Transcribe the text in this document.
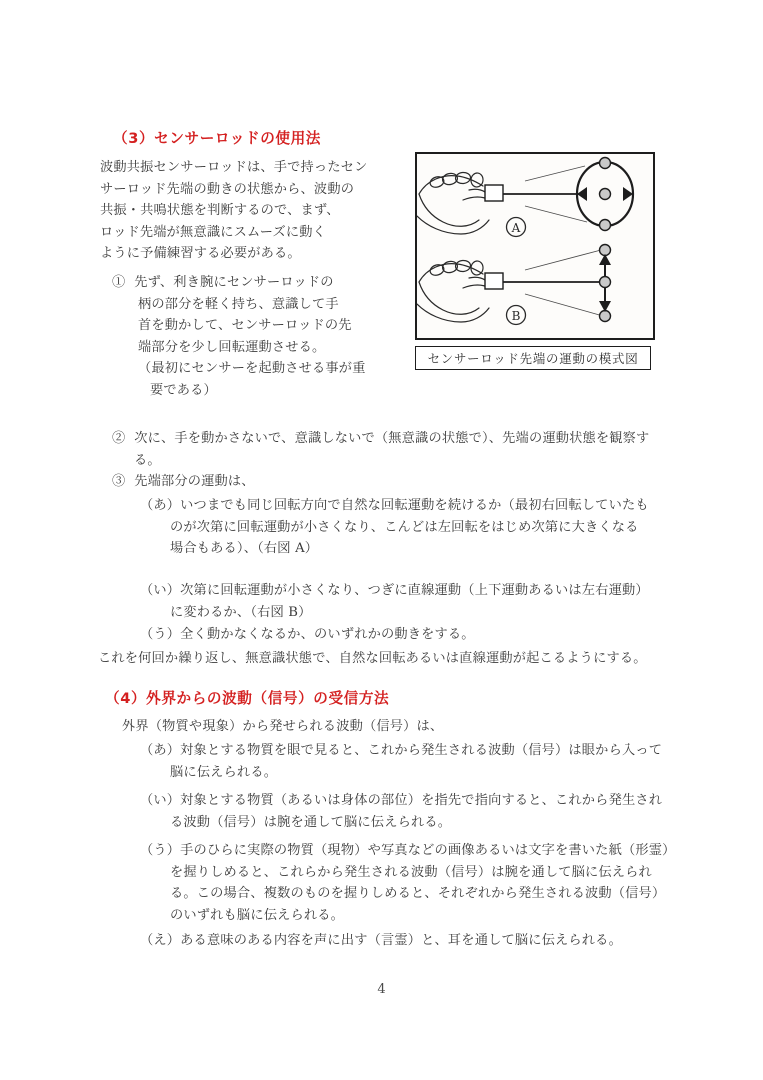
（3）センサーロッドの使用法
波動共振センサーロッドは、手で持ったセン
サーロッド先端の動きの状態から、波動の
共振・共鳴状態を判断するので、まず、
ロッド先端が無意識にスムーズに動く
ように予備練習する必要がある。
① 先ず、利き腕にセンサーロッドの
柄の部分を軽く持ち、意識して手
首を動かして、センサーロッドの先
端部分を少し回転運動させる。
（最初にセンサーを起動させる事が重
要である）
② 次に、手を動かさないで、意識しないで（無意識の状態で）、先端の運動状態を観察す
る。
③ 先端部分の運動は、
（あ）いつまでも同じ回転方向で自然な回転運動を続けるか（最初右回転していたも
のが次第に回転運動が小さくなり、こんどは左回転をはじめ次第に大きくなる
場合もある）、（右図 A）
（い）次第に回転運動が小さくなり、つぎに直線運動（上下運動あるいは左右運動）
に変わるか、（右図 B）
（う）全く動かなくなるか、のいずれかの動きをする。
これを何回か繰り返し、無意識状態で、自然な回転あるいは直線運動が起こるようにする。
A
B
センサーロッド先端の運動の模式図
（4）外界からの波動（信号）の受信方法
外界（物質や現象）から発せられる波動（信号）は、
（あ）対象とする物質を眼で見ると、これから発生される波動（信号）は眼から入って
脳に伝えられる。
（い）対象とする物質（あるいは身体の部位）を指先で指向すると、これから発生され
る波動（信号）は腕を通して脳に伝えられる。
（う）手のひらに実際の物質（現物）や写真などの画像あるいは文字を書いた紙（形霊）
を握りしめると、これらから発生される波動（信号）は腕を通して脳に伝えられ
る。この場合、複数のものを握りしめると、それぞれから発生される波動（信号）
のいずれも脳に伝えられる。
（え）ある意味のある内容を声に出す（言霊）と、耳を通して脳に伝えられる。
4
